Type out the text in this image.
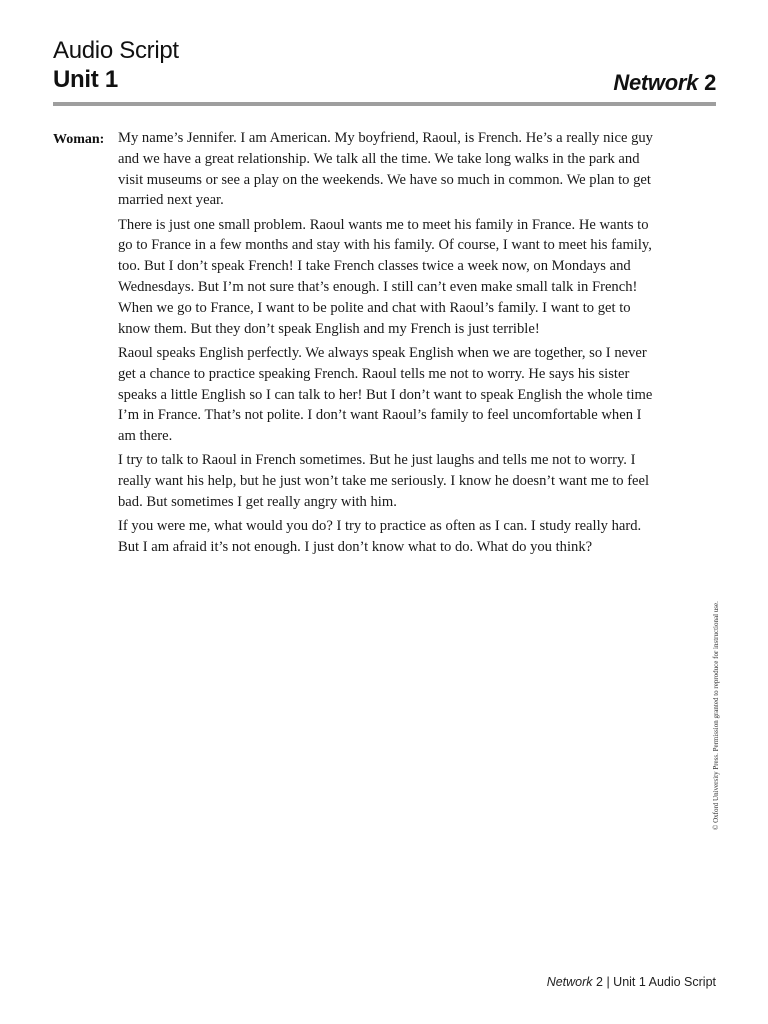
Audio Script
Unit 1	Network 2
Woman: My name’s Jennifer. I am American. My boyfriend, Raoul, is French. He’s a really nice guy and we have a great relationship. We talk all the time. We take long walks in the park and visit museums or see a play on the weekends. We have so much in common. We plan to get married next year.

There is just one small problem. Raoul wants me to meet his family in France. He wants to go to France in a few months and stay with his family. Of course, I want to meet his family, too. But I don’t speak French! I take French classes twice a week now, on Mondays and Wednesdays. But I’m not sure that’s enough. I still can’t even make small talk in French! When we go to France, I want to be polite and chat with Raoul’s family. I want to get to know them. But they don’t speak English and my French is just terrible!

Raoul speaks English perfectly. We always speak English when we are together, so I never get a chance to practice speaking French. Raoul tells me not to worry. He says his sister speaks a little English so I can talk to her! But I don’t want to speak English the whole time I’m in France. That’s not polite. I don’t want Raoul’s family to feel uncomfortable when I am there.

I try to talk to Raoul in French sometimes. But he just laughs and tells me not to worry. I really want his help, but he just won’t take me seriously. I know he doesn’t want me to feel bad. But sometimes I get really angry with him.

If you were me, what would you do? I try to practice as often as I can. I study really hard. But I am afraid it’s not enough. I just don’t know what to do. What do you think?

© Oxford University Press. Permission granted to reproduce for instructional use.
Network 2 | Unit 1 Audio Script
